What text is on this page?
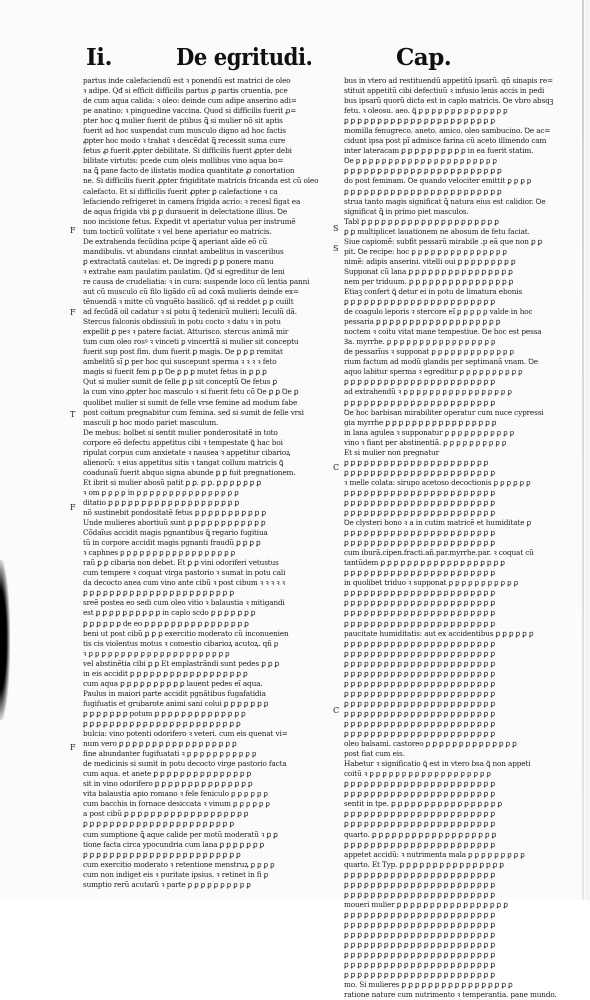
Ii.	De egritudi.	Cap.
partus inde calefaciendũ est ꝛ ponendũ est matrici de oleo
ꝛ adipe. Qđ si efficit difficilis partus ꝓ partis cruentia, pce
de cum aqua calida: ꝛ oleo: deinde cum adipe anserino adi=
pe anatino: ꝛ pinguedine vaccina. Quod si difficilis fuerit ꝓ=
pter hoc ꝗ mulier fuerit de ptibus ꝗ̃ si mulier nõ sit aptis
fuerit ad hoc suspendat cum musculo digno ad hoc factis
ꝓpter hoc modo ꝛ trahat ꝛ descẽdat ꝗ̃ recessit suma cure
fetus ꝓ fuerit ꝓpter debilitate. Si difficilis fuerit ꝓpter debi
bilitate virtutis: pcede cum oleis mollibus vino aqua bo=
na ꝗ̃ pane facto de ilistatis modica quantitate ꝓ conortation
ne. Si difficilis fuerit ꝓpter frigiditate matricis fricanda est cũ oleo
calefacto. Et si difficilis fuerit ꝓpter ꝑ calefactione ꝛ ca
lefaciendo refrigeret in camera frigida acrio: ꝛ recesl figat ea
de aqua frigida vbi ꝑ ꝑ durauerit in delectatione illius. Ꝺe
noo incisione fetus. Expedit vt aperiatur vulua per instrumẽ
tum tocticũ volũtate ꝛ vel bene aperiatur eo matricis.
De extrahenda fecũdina pcipe ꝗ̃ aperiant aĩde eõ cũ
mandibulis. vt abundans cinntat ambelitus in vasceribus
ꝑ extractatã cautelas: et. Ꝺe ingredi ꝑ ꝑ ponere manu
ꝛ extrahe eam paulatim paulatim. Qđ si egreditur de leni
re causa de crudeliatia: ꝛ in cura: suspende loco cũ lentia panni
aut cũ musculo cũ filo ligãdo cũ ad coxã mulieris deinde ex=
tẽnuendã ꝛ mitte cũ vnguẽto basilicõ. qđ si reddet ꝑ ꝑ cuiilt
ad fecũdã oil cadatur ꝛ si potu q̃ tedenicũ mulieri: Ieculũ dã.
Stercus falconis obdissiuũ in potu cocto ꝛ datu ꝛ in potu
expellit ꝑ peꝛ ꝛ patere faciat. Atturisco. stercus animã mir
tum cum oleo rosꝰ ꝛ vinceti ꝑ vincerttã si mulier sit conceptu
fuerit sup post fim. dum fuerit ꝑ magis. Ꝺe ꝑ ꝑ ꝑ remitat
ambelitũ sĩ ꝑ per hoc qui suscepunt sperma ꝛ ꝛ ꝛ ꝛ feto
magis si fuerit fem ꝑ ꝑ Ꝺe ꝑ ꝑ ꝑ mutet fetus in ꝑ ꝑ ꝑ
Qut si mulier sumit de felle ꝑ ꝑ sit conceptũ Ꝺe fetus ꝑ
la cum vino ꝓpter hoc masculo ꝛ si fuerit fetu cõ Ꝺe ꝑ ꝑ Ꝺe ꝑ
quolibet mulier si sumit de felle vrse femine ad modum fabe
post coitum pregnabitur cum femina. sed si sumit de felle vrsi
masculi ꝑ hoc modo pariet masculum.
De mebus: bolbet si sentit mulier ponderositatẽ in toto
corpore eõ defectu appetitus cibi ꝛ tempestate ꝗ̃ hac boi
ripulat corpus cum anxietate ꝛ nausea ꝛ appetitur cibarioꝝ
alienorũ: ꝛ eius appetitus sitis ꝛ tangat collum matricis ꝗ̃
coadunaũ fuerit abquo signa abunde ꝑ ꝑ fuit pregnationem.
Et ibrit si mulier abosũ patit ꝑ ꝑ. ꝑ ꝑ. ꝑ ꝑ ꝑ ꝑ ꝑ ꝑ ꝑ
ꝛ om ꝑ ꝑ ꝑ ꝑ in ꝑ ꝑ ꝑ ꝑ ꝑ ꝑ ꝑ ꝑ ꝑ ꝑ ꝑ ꝑ ꝑ ꝑ ꝑ ꝑ
ditatio ꝑ ꝑ ꝑ ꝑ ꝑ ꝑ ꝑ ꝑ ꝑ ꝑ ꝑ ꝑ ꝑ ꝑ ꝑ ꝑ ꝑ ꝑ ꝑ ꝑ
nõ sustinebit pondositatẽ fetus ꝑ ꝑ ꝑ ꝑ ꝑ ꝑ ꝑ ꝑ ꝑ ꝑ ꝑ
Unde mulieres abortiuũ sunt ꝑ ꝑ ꝑ ꝑ ꝑ ꝑ ꝑ ꝑ ꝑ ꝑ ꝑ ꝑ
Cõdaĩus accidit magis pgnantibus ꝗ̃ regario fugitiua
tũ in corpore accidit magis pgnanti fraudũ ꝑ ꝑ ꝑ ꝑ
ꝛ caphnes ꝑ ꝑ ꝑ ꝑ ꝑ ꝑ ꝑ ꝑ ꝑ ꝑ ꝑ ꝑ ꝑ ꝑ ꝑ ꝑ ꝑ ꝑ
raũ ꝑ ꝑ cibaria non debet. Et ꝑ ꝑ vini odoriferi vetustus
cum tempere ꝛ coquat virga pastorio ꝛ sumat in potu cali
da decocto anea cum vino ante cibũ ꝛ post cibum ꝛ ꝛ ꝛ ꝛ ꝛ
ꝑ ꝑ ꝑ ꝑ ꝑ ꝑ ꝑ ꝑ ꝑ ꝑ ꝑ ꝑ ꝑ ꝑ ꝑ ꝑ ꝑ ꝑ ꝑ ꝑ ꝑ ꝑ ꝑ
sreẽ postea eo sedi cum oleo vitio ꝛ balaustia ꝛ mitigandi
est ꝑ ꝑ ꝑ ꝑ ꝑ ꝑ ꝑ ꝑ ꝑ ꝑ in caplo scdo ꝑ ꝑ ꝑ ꝑ ꝑ ꝑ ꝑ
ꝑ ꝑ ꝑ ꝑ ꝑ ꝑ de eo ꝑ ꝑ ꝑ ꝑ ꝑ ꝑ ꝑ ꝑ ꝑ ꝑ ꝑ ꝑ ꝑ ꝑ ꝑ ꝑ
beni ut post cibũ ꝑ ꝑ ꝑ exercitio moderato cũ inconuenien
tis cis violentus motus ꝛ comestio cibarioꝝ acutoꝝ. qñ ꝑ
ꝛ ꝑ ꝑ ꝑ ꝑ ꝑ ꝑ ꝑ ꝑ ꝑ ꝑ ꝑ ꝑ ꝑ ꝑ ꝑ ꝑ ꝑ ꝑ ꝑ ꝑ ꝑ ꝑ
vel abstinẽtia cibi ꝑ ꝑ Et emplastrãndi sunt pedes ꝑ ꝑ ꝑ
in eis accidit ꝑ ꝑ ꝑ ꝑ ꝑ ꝑ ꝑ ꝑ ꝑ ꝑ ꝑ ꝑ ꝑ ꝑ ꝑ ꝑ ꝑ ꝑ
cum aqua ꝑ ꝑ ꝑ ꝑ ꝑ ꝑ ꝑ ꝑ ꝑ ꝑ lauent pedes eĩ aqua.
Paulus in maiori parte accidit pgnãtibus fugafatidia
fugifuatis et grubarote animi sani colui ꝑ ꝑ ꝑ ꝑ ꝑ ꝑ ꝑ
ꝑ ꝑ ꝑ ꝑ ꝑ ꝑ ꝑ potum ꝑ ꝑ ꝑ ꝑ ꝑ ꝑ ꝑ ꝑ ꝑ ꝑ ꝑ ꝑ ꝑ ꝑ
ꝑ ꝑ ꝑ ꝑ ꝑ ꝑ ꝑ ꝑ ꝑ ꝑ ꝑ ꝑ ꝑ ꝑ ꝑ ꝑ ꝑ ꝑ ꝑ ꝑ ꝑ ꝑ ꝑ ꝑ
bulcia: vino potenti odorifero ꝛ veteri. cum eis quenat vi=
num vero ꝑ ꝑ ꝑ ꝑ ꝑ ꝑ ꝑ ꝑ ꝑ ꝑ ꝑ ꝑ ꝑ ꝑ ꝑ ꝑ ꝑ ꝑ
fine abundanter fugifuatati ꝛ ꝑ ꝑ ꝑ ꝑ ꝑ ꝑ ꝑ ꝑ ꝑ ꝑ ꝑ
de medicinis si sumit in potu decocto virge pastorio facta
cum aqua. et anete ꝑ ꝑ ꝑ ꝑ ꝑ ꝑ ꝑ ꝑ ꝑ ꝑ ꝑ ꝑ ꝑ ꝑ ꝑ
sit in vino odorifero ꝑ ꝑ ꝑ ꝑ ꝑ ꝑ ꝑ ꝑ ꝑ ꝑ ꝑ ꝑ ꝑ ꝑ ꝑ
vita balaustia apio romano ꝛ fele feniculo ꝑ ꝑ ꝑ ꝑ ꝑ ꝑ
cum bacchis in fornace desiccata ꝛ vinum ꝑ ꝑ ꝑ ꝑ ꝑ ꝑ
a post cibũ ꝑ ꝑ ꝑ ꝑ ꝑ ꝑ ꝑ ꝑ ꝑ ꝑ ꝑ ꝑ ꝑ ꝑ ꝑ ꝑ ꝑ ꝑ ꝑ
ꝑ ꝑ ꝑ ꝑ ꝑ ꝑ ꝑ ꝑ ꝑ ꝑ ꝑ ꝑ ꝑ ꝑ ꝑ ꝑ ꝑ ꝑ ꝑ ꝑ ꝑ ꝑ ꝑ
cum sumptione ꝗ̃ aque calide per motũ moderatũ ꝛ ꝑ ꝑ
tione facta circa ypocundria cum lana ꝑ ꝑ ꝑ ꝑ ꝑ ꝑ ꝑ
ꝑ ꝑ ꝑ ꝑ ꝑ ꝑ ꝑ ꝑ ꝑ ꝑ ꝑ ꝑ ꝑ ꝑ ꝑ ꝑ ꝑ ꝑ ꝑ ꝑ ꝑ ꝑ ꝑ ꝑ
cum exercitio moderato ꝛ retentione menstruꝝ ꝑ ꝑ ꝑ ꝑ
cum non indiget eis ꝛ puritate ipsius. ꝛ retinet in fi ꝑ
sumptio rerũ acutarũ ꝛ parte ꝑ ꝑ ꝑ ꝑ ꝑ ꝑ ꝑ ꝑ ꝑ ꝑ
bus in vtero ad restituendũ appetitũ ipsarũ. qñ sinapis re=
stituit appetitũ cibi defectiuũ ꝛ infusio lenis accis in pedi
bus ipsarũ quorũ dicta est in caplo matricis. Ꝺe vbro absqꝫ
fetu. ꝛ oleosu. aeo. ꝗ̃ ꝑ ꝑ ꝑ ꝑ ꝑ ꝑ ꝑ ꝑ ꝑ ꝑ ꝑ ꝑ ꝑ ꝑ
ꝑ ꝑ ꝑ ꝑ ꝑ ꝑ ꝑ ꝑ ꝑ ꝑ ꝑ ꝑ ꝑ ꝑ ꝑ ꝑ ꝑ ꝑ ꝑ ꝑ ꝑ ꝑ ꝑ
momilla fenugreco. aneto. amico. oleo sambucino. Ꝺe ac=
cidunt ipsa post pĩ admisce farina cũ aceto illinendo cam
inter lateracam ꝑ ꝑ ꝑ ꝑ ꝑ ꝑ ꝑ ꝑ ꝑ ꝑ in ea fuerit statim.
Ꝺe ꝑ ꝑ ꝑ ꝑ ꝑ ꝑ ꝑ ꝑ ꝑ ꝑ ꝑ ꝑ ꝑ ꝑ ꝑ ꝑ ꝑ ꝑ ꝑ ꝑ ꝑ ꝑ
ꝑ ꝑ ꝑ ꝑ ꝑ ꝑ ꝑ ꝑ ꝑ ꝑ ꝑ ꝑ ꝑ ꝑ ꝑ ꝑ ꝑ ꝑ ꝑ ꝑ ꝑ ꝑ ꝑ ꝑ
do post feminam. Ꝺe quando velociter emittit ꝑ ꝑ ꝑ ꝑ
ꝑ ꝑ ꝑ ꝑ ꝑ ꝑ ꝑ ꝑ ꝑ ꝑ ꝑ ꝑ ꝑ ꝑ ꝑ ꝑ ꝑ ꝑ ꝑ ꝑ ꝑ ꝑ ꝑ ꝑ
strua tanto magis significat ꝗ̃ natura eius est calidior. Ꝺe
significat ꝗ̃ in primo piet masculos.
Tabl ꝑ ꝑ ꝑ ꝑ ꝑ ꝑ ꝑ ꝑ ꝑ ꝑ ꝑ ꝑ ꝑ ꝑ ꝑ ꝑ ꝑ ꝑ ꝑ ꝑ ꝑ
ꝑ ꝑ multiplicet lauationem ne abosum de fetu faciat.
Siue capiomẽ: subfit pessarũ mirabile .p eã que non ꝑ ꝑ
pit. Ꝺe recipe: hoc ꝑ ꝑ ꝑ ꝑ ꝑ ꝑ ꝑ ꝑ ꝑ ꝑ ꝑ ꝑ ꝑ ꝑ ꝑ
nimẽ: adipis anserini. vitelli oui ꝑ ꝑ ꝑ ꝑ ꝑ ꝑ ꝑ ꝑ ꝑ
Supponat cũ lana ꝑ ꝑ ꝑ ꝑ ꝑ ꝑ ꝑ ꝑ ꝑ ꝑ ꝑ ꝑ ꝑ ꝑ ꝑ ꝑ
nem per triduum. ꝑ ꝑ ꝑ ꝑ ꝑ ꝑ ꝑ ꝑ ꝑ ꝑ ꝑ ꝑ ꝑ ꝑ ꝑ ꝑ
Etiaꝫ confert ꝗ̃ detur ei in potu de limatura ebonis
ꝑ ꝑ ꝑ ꝑ ꝑ ꝑ ꝑ ꝑ ꝑ ꝑ ꝑ ꝑ ꝑ ꝑ ꝑ ꝑ ꝑ ꝑ ꝑ ꝑ ꝑ ꝑ ꝑ
de coagulo leporis ꝛ stercore eĩ ꝑ ꝑ ꝑ ꝑ ꝑ valde in hoc
pessaria ꝑ ꝑ ꝑ ꝑ ꝑ ꝑ ꝑ ꝑ ꝑ ꝑ ꝑ ꝑ ꝑ ꝑ ꝑ ꝑ ꝑ ꝑ ꝑ
noctem ꝛ coitu vitat mane tempestiue. Ꝺe hoc est pessa
Ꝫa. myrrhe. ꝑ ꝑ ꝑ ꝑ ꝑ ꝑ ꝑ ꝑ ꝑ ꝑ ꝑ ꝑ ꝑ ꝑ ꝑ ꝑ ꝑ
de pessarĩus ꝛ supponat ꝑ ꝑ ꝑ ꝑ ꝑ ꝑ ꝑ ꝑ ꝑ ꝑ ꝑ ꝑ ꝑ
rium factum ad modũ glandis per septimanã vnam. Ꝺe
aquo labitur sperma ꝛ egreditur ꝑ ꝑ ꝑ ꝑ ꝑ ꝑ ꝑ ꝑ ꝑ ꝑ
ꝑ ꝑ ꝑ ꝑ ꝑ ꝑ ꝑ ꝑ ꝑ ꝑ ꝑ ꝑ ꝑ ꝑ ꝑ ꝑ ꝑ ꝑ ꝑ ꝑ ꝑ ꝑ ꝑ
ad extrahendũ ꝛ ꝑ ꝑ ꝑ ꝑ ꝑ ꝑ ꝑ ꝑ ꝑ ꝑ ꝑ ꝑ ꝑ ꝑ ꝑ ꝑ ꝑ
ꝑ ꝑ ꝑ ꝑ ꝑ ꝑ ꝑ ꝑ ꝑ ꝑ ꝑ ꝑ ꝑ ꝑ ꝑ ꝑ ꝑ ꝑ ꝑ ꝑ ꝑ ꝑ ꝑ
Ꝺe hoc barbisan mirabiliter operatur cum nuce cypressi
gia myrrhe ꝑ ꝑ ꝑ ꝑ ꝑ ꝑ ꝑ ꝑ ꝑ ꝑ ꝑ ꝑ ꝑ ꝑ ꝑ ꝑ ꝑ
in lana agulea ꝛ supponatur ꝑ ꝑ ꝑ ꝑ ꝑ ꝑ ꝑ ꝑ ꝑ ꝑ ꝑ
vino ꝛ fiant per abstinentiã. ꝑ ꝑ ꝑ ꝑ ꝑ ꝑ ꝑ ꝑ ꝑ ꝑ
Et si mulier non pregnatur
ꝑ ꝑ ꝑ ꝑ ꝑ ꝑ ꝑ ꝑ ꝑ ꝑ ꝑ ꝑ ꝑ ꝑ ꝑ ꝑ ꝑ ꝑ ꝑ ꝑ ꝑ ꝑ
ꝑ ꝑ ꝑ ꝑ ꝑ ꝑ ꝑ ꝑ ꝑ ꝑ ꝑ ꝑ ꝑ ꝑ ꝑ ꝑ ꝑ ꝑ ꝑ ꝑ ꝑ ꝑ ꝑ
ꝛ melle colata: sirupo acetoso decoctionis ꝑ ꝑ ꝑ ꝑ ꝑ ꝑ
ꝑ ꝑ ꝑ ꝑ ꝑ ꝑ ꝑ ꝑ ꝑ ꝑ ꝑ ꝑ ꝑ ꝑ ꝑ ꝑ ꝑ ꝑ ꝑ ꝑ ꝑ ꝑ ꝑ
ꝑ ꝑ ꝑ ꝑ ꝑ ꝑ ꝑ ꝑ ꝑ ꝑ ꝑ ꝑ ꝑ ꝑ ꝑ ꝑ ꝑ ꝑ ꝑ ꝑ ꝑ ꝑ ꝑ
ꝑ ꝑ ꝑ ꝑ ꝑ ꝑ ꝑ ꝑ ꝑ ꝑ ꝑ ꝑ ꝑ ꝑ ꝑ ꝑ ꝑ ꝑ ꝑ ꝑ ꝑ ꝑ ꝑ
Ꝺe clysteri bono ꝛ a in cutim matricẽ et humiditate ꝑ
ꝑ ꝑ ꝑ ꝑ ꝑ ꝑ ꝑ ꝑ ꝑ ꝑ ꝑ ꝑ ꝑ ꝑ ꝑ ꝑ ꝑ ꝑ ꝑ ꝑ ꝑ ꝑ ꝑ
ꝑ ꝑ ꝑ ꝑ ꝑ ꝑ ꝑ ꝑ ꝑ ꝑ ꝑ ꝑ ꝑ ꝑ ꝑ ꝑ ꝑ ꝑ ꝑ ꝑ ꝑ ꝑ ꝑ
cum iburã.cipen.fracti.añ.par.myrrhe.par. ꝛ coquat cũ
tantũdem ꝑ ꝑ ꝑ ꝑ ꝑ ꝑ ꝑ ꝑ ꝑ ꝑ ꝑ ꝑ ꝑ ꝑ ꝑ ꝑ ꝑ ꝑ ꝑ
ꝑ ꝑ ꝑ ꝑ ꝑ ꝑ ꝑ ꝑ ꝑ ꝑ ꝑ ꝑ ꝑ ꝑ ꝑ ꝑ ꝑ ꝑ ꝑ ꝑ ꝑ ꝑ ꝑ
in quolibet triduo ꝛ supponat ꝑ ꝑ ꝑ ꝑ ꝑ ꝑ ꝑ ꝑ ꝑ ꝑ ꝑ
ꝑ ꝑ ꝑ ꝑ ꝑ ꝑ ꝑ ꝑ ꝑ ꝑ ꝑ ꝑ ꝑ ꝑ ꝑ ꝑ ꝑ ꝑ ꝑ ꝑ ꝑ ꝑ ꝑ
ꝑ ꝑ ꝑ ꝑ ꝑ ꝑ ꝑ ꝑ ꝑ ꝑ ꝑ ꝑ ꝑ ꝑ ꝑ ꝑ ꝑ ꝑ ꝑ ꝑ ꝑ ꝑ ꝑ
ꝑ ꝑ ꝑ ꝑ ꝑ ꝑ ꝑ ꝑ ꝑ ꝑ ꝑ ꝑ ꝑ ꝑ ꝑ ꝑ ꝑ ꝑ ꝑ ꝑ ꝑ ꝑ ꝑ
ꝑ ꝑ ꝑ ꝑ ꝑ ꝑ ꝑ ꝑ ꝑ ꝑ ꝑ ꝑ ꝑ ꝑ ꝑ ꝑ ꝑ ꝑ ꝑ ꝑ ꝑ ꝑ ꝑ
paucitate humiditatis: aut ex accidentibus ꝑ ꝑ ꝑ ꝑ ꝑ ꝑ
ꝑ ꝑ ꝑ ꝑ ꝑ ꝑ ꝑ ꝑ ꝑ ꝑ ꝑ ꝑ ꝑ ꝑ ꝑ ꝑ ꝑ ꝑ ꝑ ꝑ ꝑ ꝑ ꝑ
ꝑ ꝑ ꝑ ꝑ ꝑ ꝑ ꝑ ꝑ ꝑ ꝑ ꝑ ꝑ ꝑ ꝑ ꝑ ꝑ ꝑ ꝑ ꝑ ꝑ ꝑ ꝑ ꝑ
ꝑ ꝑ ꝑ ꝑ ꝑ ꝑ ꝑ ꝑ ꝑ ꝑ ꝑ ꝑ ꝑ ꝑ ꝑ ꝑ ꝑ ꝑ ꝑ ꝑ ꝑ ꝑ ꝑ
ꝑ ꝑ ꝑ ꝑ ꝑ ꝑ ꝑ ꝑ ꝑ ꝑ ꝑ ꝑ ꝑ ꝑ ꝑ ꝑ ꝑ ꝑ ꝑ ꝑ ꝑ ꝑ ꝑ
ꝑ ꝑ ꝑ ꝑ ꝑ ꝑ ꝑ ꝑ ꝑ ꝑ ꝑ ꝑ ꝑ ꝑ ꝑ ꝑ ꝑ ꝑ ꝑ ꝑ ꝑ ꝑ ꝑ
ꝑ ꝑ ꝑ ꝑ ꝑ ꝑ ꝑ ꝑ ꝑ ꝑ ꝑ ꝑ ꝑ ꝑ ꝑ ꝑ ꝑ ꝑ ꝑ ꝑ ꝑ ꝑ ꝑ
ꝑ ꝑ ꝑ ꝑ ꝑ ꝑ ꝑ ꝑ ꝑ ꝑ ꝑ ꝑ ꝑ ꝑ ꝑ ꝑ ꝑ ꝑ ꝑ ꝑ ꝑ ꝑ ꝑ
ꝑ ꝑ ꝑ ꝑ ꝑ ꝑ ꝑ ꝑ ꝑ ꝑ ꝑ ꝑ ꝑ ꝑ ꝑ ꝑ ꝑ ꝑ ꝑ ꝑ ꝑ ꝑ ꝑ
ꝑ ꝑ ꝑ ꝑ ꝑ ꝑ ꝑ ꝑ ꝑ ꝑ ꝑ ꝑ ꝑ ꝑ ꝑ ꝑ ꝑ ꝑ ꝑ ꝑ ꝑ ꝑ ꝑ
ꝑ ꝑ ꝑ ꝑ ꝑ ꝑ ꝑ ꝑ ꝑ ꝑ ꝑ ꝑ ꝑ ꝑ ꝑ ꝑ ꝑ ꝑ ꝑ ꝑ ꝑ ꝑ ꝑ
oleo balsami. castoreo ꝑ ꝑ ꝑ ꝑ ꝑ ꝑ ꝑ ꝑ ꝑ ꝑ ꝑ ꝑ ꝑ ꝑ
post fiat cum eis.
Habetur ꝛ significatio ꝗ̃ est in vtero bsa ꝗ̃ non appeti
coitũ ꝛ ꝑ ꝑ ꝑ ꝑ ꝑ ꝑ ꝑ ꝑ ꝑ ꝑ ꝑ ꝑ ꝑ ꝑ ꝑ ꝑ ꝑ ꝑ ꝑ
ꝑ ꝑ ꝑ ꝑ ꝑ ꝑ ꝑ ꝑ ꝑ ꝑ ꝑ ꝑ ꝑ ꝑ ꝑ ꝑ ꝑ ꝑ ꝑ ꝑ ꝑ ꝑ ꝑ
ꝑ ꝑ ꝑ ꝑ ꝑ ꝑ ꝑ ꝑ ꝑ ꝑ ꝑ ꝑ ꝑ ꝑ ꝑ ꝑ ꝑ ꝑ ꝑ ꝑ ꝑ ꝑ ꝑ
sentit in tpe. ꝑ ꝑ ꝑ ꝑ ꝑ ꝑ ꝑ ꝑ ꝑ ꝑ ꝑ ꝑ ꝑ ꝑ ꝑ ꝑ ꝑ
ꝑ ꝑ ꝑ ꝑ ꝑ ꝑ ꝑ ꝑ ꝑ ꝑ ꝑ ꝑ ꝑ ꝑ ꝑ ꝑ ꝑ ꝑ ꝑ ꝑ ꝑ ꝑ ꝑ
ꝑ ꝑ ꝑ ꝑ ꝑ ꝑ ꝑ ꝑ ꝑ ꝑ ꝑ ꝑ ꝑ ꝑ ꝑ ꝑ ꝑ ꝑ ꝑ ꝑ ꝑ ꝑ ꝑ
quarto. ꝑ ꝑ ꝑ ꝑ ꝑ ꝑ ꝑ ꝑ ꝑ ꝑ ꝑ ꝑ ꝑ ꝑ ꝑ ꝑ ꝑ ꝑ ꝑ
ꝑ ꝑ ꝑ ꝑ ꝑ ꝑ ꝑ ꝑ ꝑ ꝑ ꝑ ꝑ ꝑ ꝑ ꝑ ꝑ ꝑ ꝑ ꝑ ꝑ ꝑ ꝑ ꝑ
appetet accidũ: ꝛ nutrimenta mala ꝑ ꝑ ꝑ ꝑ ꝑ ꝑ ꝑ ꝑ ꝑ
quarto. Et Typ. ꝑ ꝑ ꝑ ꝑ ꝑ ꝑ ꝑ ꝑ ꝑ ꝑ ꝑ ꝑ ꝑ ꝑ ꝑ ꝑ
ꝑ ꝑ ꝑ ꝑ ꝑ ꝑ ꝑ ꝑ ꝑ ꝑ ꝑ ꝑ ꝑ ꝑ ꝑ ꝑ ꝑ ꝑ ꝑ ꝑ ꝑ ꝑ ꝑ
ꝑ ꝑ ꝑ ꝑ ꝑ ꝑ ꝑ ꝑ ꝑ ꝑ ꝑ ꝑ ꝑ ꝑ ꝑ ꝑ ꝑ ꝑ ꝑ ꝑ ꝑ ꝑ ꝑ
ꝑ ꝑ ꝑ ꝑ ꝑ ꝑ ꝑ ꝑ ꝑ ꝑ ꝑ ꝑ ꝑ ꝑ ꝑ ꝑ ꝑ ꝑ ꝑ ꝑ ꝑ ꝑ ꝑ
moueri mulier ꝑ ꝑ ꝑ ꝑ ꝑ ꝑ ꝑ ꝑ ꝑ ꝑ ꝑ ꝑ ꝑ ꝑ ꝑ ꝑ ꝑ
ꝑ ꝑ ꝑ ꝑ ꝑ ꝑ ꝑ ꝑ ꝑ ꝑ ꝑ ꝑ ꝑ ꝑ ꝑ ꝑ ꝑ ꝑ ꝑ ꝑ ꝑ ꝑ ꝑ
ꝑ ꝑ ꝑ ꝑ ꝑ ꝑ ꝑ ꝑ ꝑ ꝑ ꝑ ꝑ ꝑ ꝑ ꝑ ꝑ ꝑ ꝑ ꝑ ꝑ ꝑ ꝑ ꝑ
ꝑ ꝑ ꝑ ꝑ ꝑ ꝑ ꝑ ꝑ ꝑ ꝑ ꝑ ꝑ ꝑ ꝑ ꝑ ꝑ ꝑ ꝑ ꝑ ꝑ ꝑ ꝑ ꝑ
ꝑ ꝑ ꝑ ꝑ ꝑ ꝑ ꝑ ꝑ ꝑ ꝑ ꝑ ꝑ ꝑ ꝑ ꝑ ꝑ ꝑ ꝑ ꝑ ꝑ ꝑ ꝑ ꝑ
ꝑ ꝑ ꝑ ꝑ ꝑ ꝑ ꝑ ꝑ ꝑ ꝑ ꝑ ꝑ ꝑ ꝑ ꝑ ꝑ ꝑ ꝑ ꝑ ꝑ ꝑ ꝑ ꝑ
ꝑ ꝑ ꝑ ꝑ ꝑ ꝑ ꝑ ꝑ ꝑ ꝑ ꝑ ꝑ ꝑ ꝑ ꝑ ꝑ ꝑ ꝑ ꝑ ꝑ ꝑ ꝑ ꝑ
ꝑ ꝑ ꝑ ꝑ ꝑ ꝑ ꝑ ꝑ ꝑ ꝑ ꝑ ꝑ ꝑ ꝑ ꝑ ꝑ ꝑ ꝑ ꝑ ꝑ ꝑ ꝑ ꝑ
mo. Si mulieres ꝑ ꝑ ꝑ ꝑ ꝑ ꝑ ꝑ ꝑ ꝑ ꝑ ꝑ ꝑ ꝑ ꝑ ꝑ ꝑ ꝑ
ratione nature cum nutrimento ꝛ temperantia. pane mundo.
F
F
T
F
F
S
S
C
C
